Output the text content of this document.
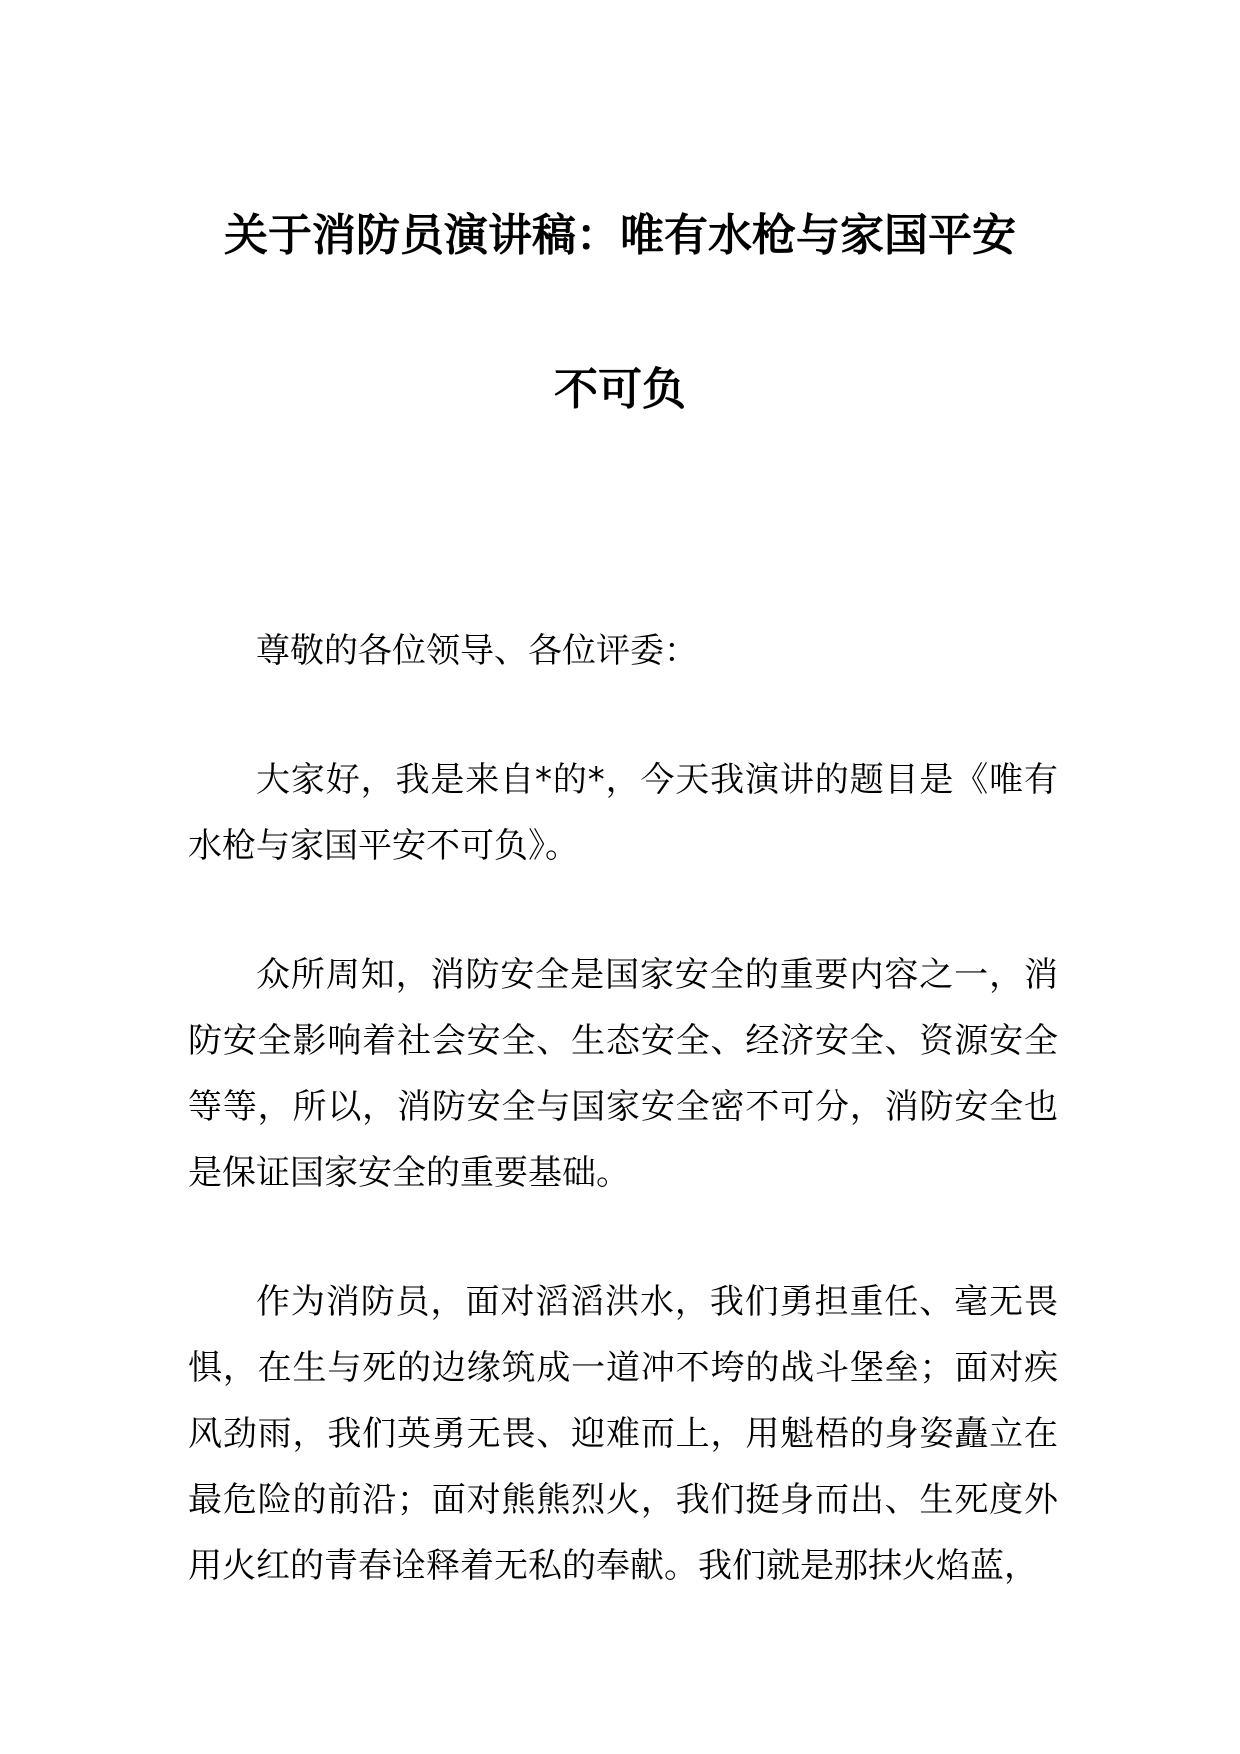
关于消防员演讲稿：唯有水枪与家国平安
不可负

尊敬的各位领导、各位评委：

大家好，我是来自*的*，今天我演讲的题目是《唯有水枪与家国平安不可负》。

众所周知，消防安全是国家安全的重要内容之一，消防安全影响着社会安全、生态安全、经济安全、资源安全等等，所以，消防安全与国家安全密不可分，消防安全也是保证国家安全的重要基础。

作为消防员，面对滔滔洪水，我们勇担重任、毫无畏惧，在生与死的边缘筑成一道冲不垮的战斗堡垒；面对疾风劲雨，我们英勇无畏、迎难而上，用魁梧的身姿矗立在最危险的前沿；面对熊熊烈火，我们挺身而出、生死度外用火红的青春诠释着无私的奉献。我们就是那抹火焰蓝，
